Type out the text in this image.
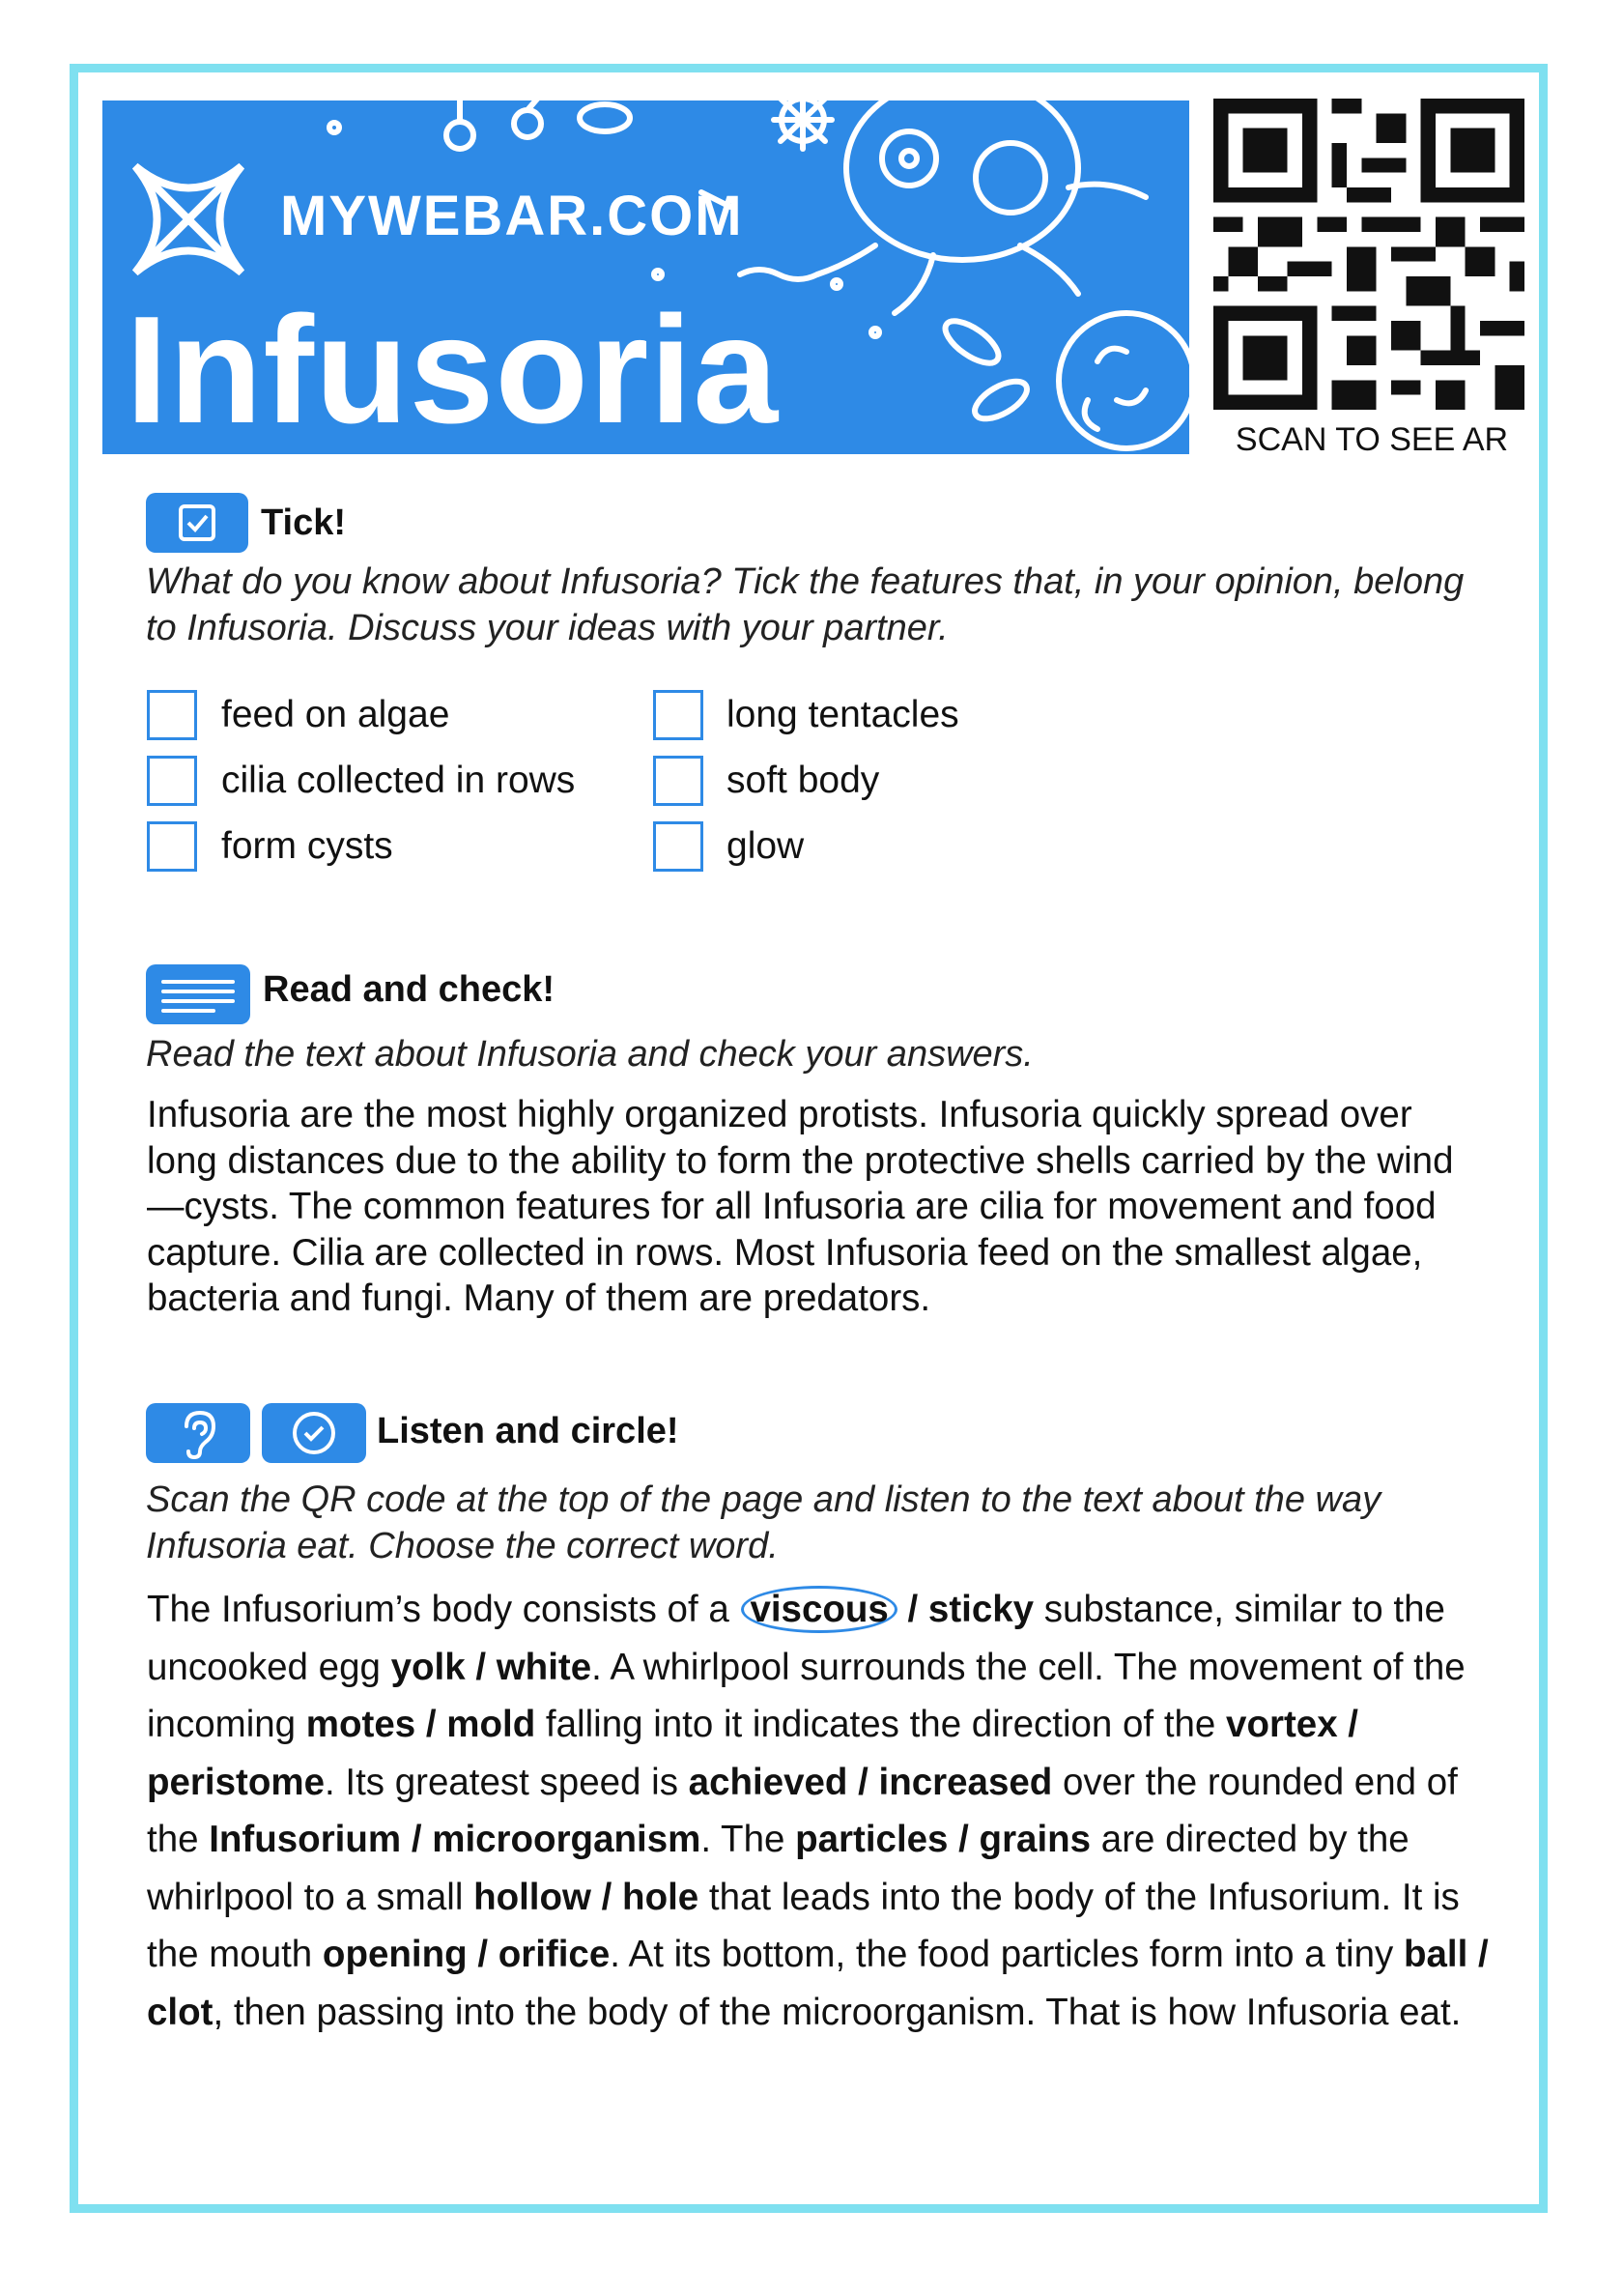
MYWEBAR.COM
Infusoria	SCAN TO SEE AR
Tick!
What do you know about Infusoria? Tick the features that, in your opinion, belong to Infusoria. Discuss your ideas with your partner.
feed on algae
cilia collected in rows
form cysts
long tentacles
soft body
glow
Read and check!
Read the text about Infusoria and check your answers.
Infusoria are the most highly organized protists. Infusoria quickly spread over long distances due to the ability to form the protective shells carried by the wind—cysts. The common features for all Infusoria are cilia for movement and food capture. Cilia are collected in rows. Most Infusoria feed on the smallest algae, bacteria and fungi. Many of them are predators.
Listen and circle!
Scan the QR code at the top of the page and listen to the text about the way Infusoria eat. Choose the correct word.
The Infusorium’s body consists of a viscous / sticky substance, similar to the uncooked egg yolk / white. A whirlpool surrounds the cell. The movement of the incoming motes / mold falling into it indicates the direction of the vortex / peristome. Its greatest speed is achieved / increased over the rounded end of the Infusorium / microorganism. The particles / grains are directed by the whirlpool to a small hollow / hole that leads into the body of the Infusorium. It is the mouth opening / orifice. At its bottom, the food particles form into a tiny ball / clot, then passing into the body of the microorganism. That is how Infusoria eat.
